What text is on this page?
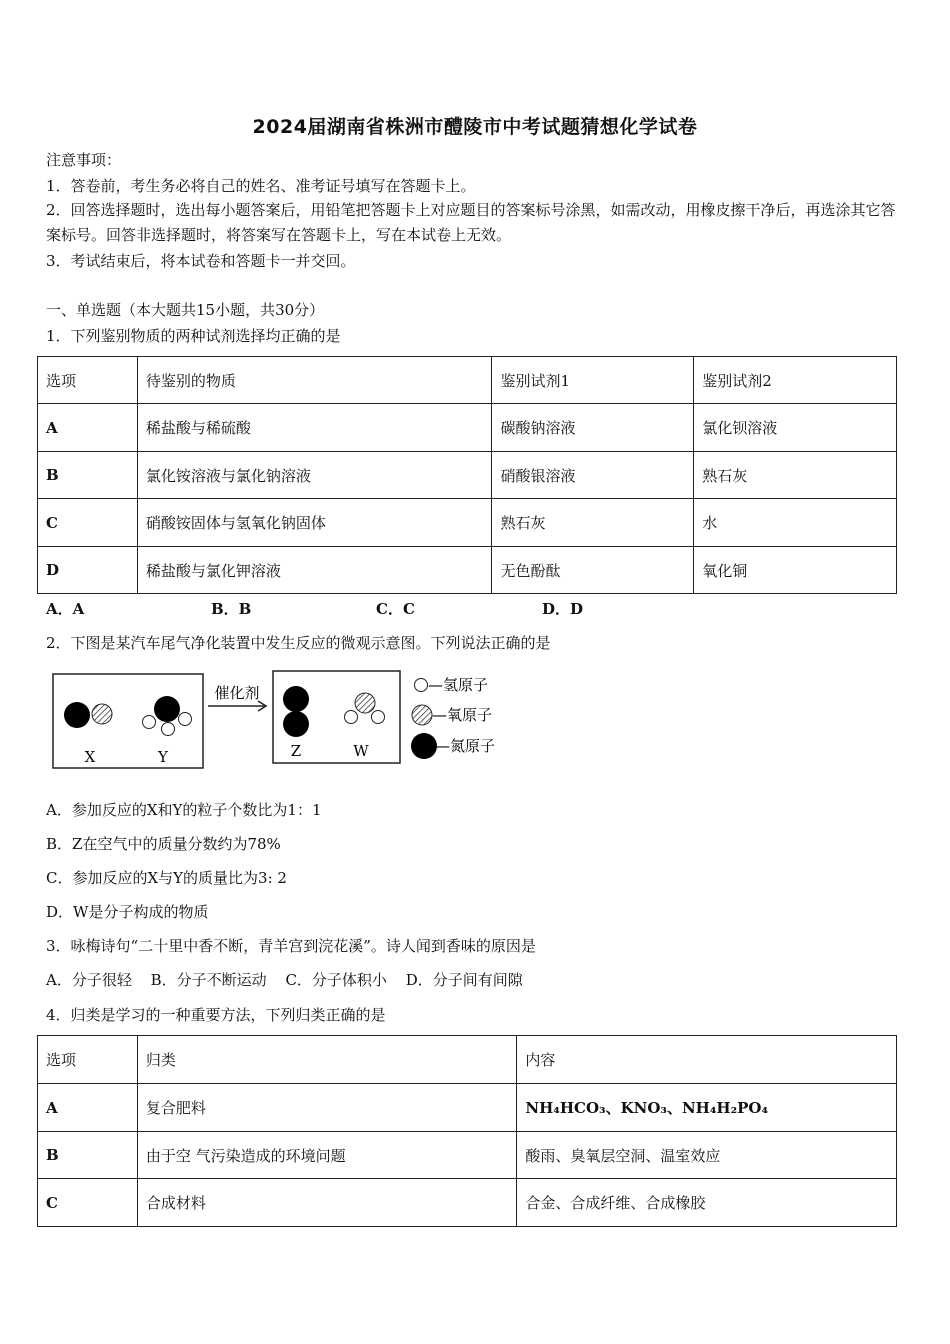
2024届湖南省株洲市醴陵市中考试题猜想化学试卷
注意事项：
1．答卷前，考生务必将自己的姓名、准考证号填写在答题卡上。
2．回答选择题时，选出每小题答案后，用铅笔把答题卡上对应题目的答案标号涂黑，如需改动，用橡皮擦干净后，再选涂其它答案标号。回答非选择题时，将答案写在答题卡上，写在本试卷上无效。
3．考试结束后，将本试卷和答题卡一并交回。
一、单选题（本大题共15小题，共30分）
1．下列鉴别物质的两种试剂选择均正确的是
选项	待鉴别的物质	鉴别试剂1	鉴别试剂2
A	稀盐酸与稀硫酸	碳酸钠溶液	氯化钡溶液
B	氯化铵溶液与氯化钠溶液	硝酸银溶液	熟石灰
C	硝酸铵固体与氢氧化钠固体	熟石灰	水
D	稀盐酸与氯化钾溶液	无色酚酞	氧化铜
A．A	B．B	C．C	D．D
2．下图是某汽车尾气净化装置中发生反应的微观示意图。下列说法正确的是
X	Y
催化剂
Z	W
—氢原子
—氧原子
—氮原子
A．参加反应的X和Y的粒子个数比为1：1
B．Z在空气中的质量分数约为78%
C．参加反应的X与Y的质量比为3: 2
D．W是分子构成的物质
3．咏梅诗句“二十里中香不断，青羊宫到浣花溪”。诗人闻到香味的原因是
A．分子很轻 B．分子不断运动 C．分子体积小 D．分子间有间隙
4．归类是学习的一种重要方法，下列归类正确的是
选项	归类	内容
A	复合肥料	NH₄HCO₃、KNO₃、NH₄H₂PO₄
B	由于空 气污染造成的环境问题	酸雨、臭氧层空洞、温室效应
C	合成材料	合金、合成纤维、合成橡胶
